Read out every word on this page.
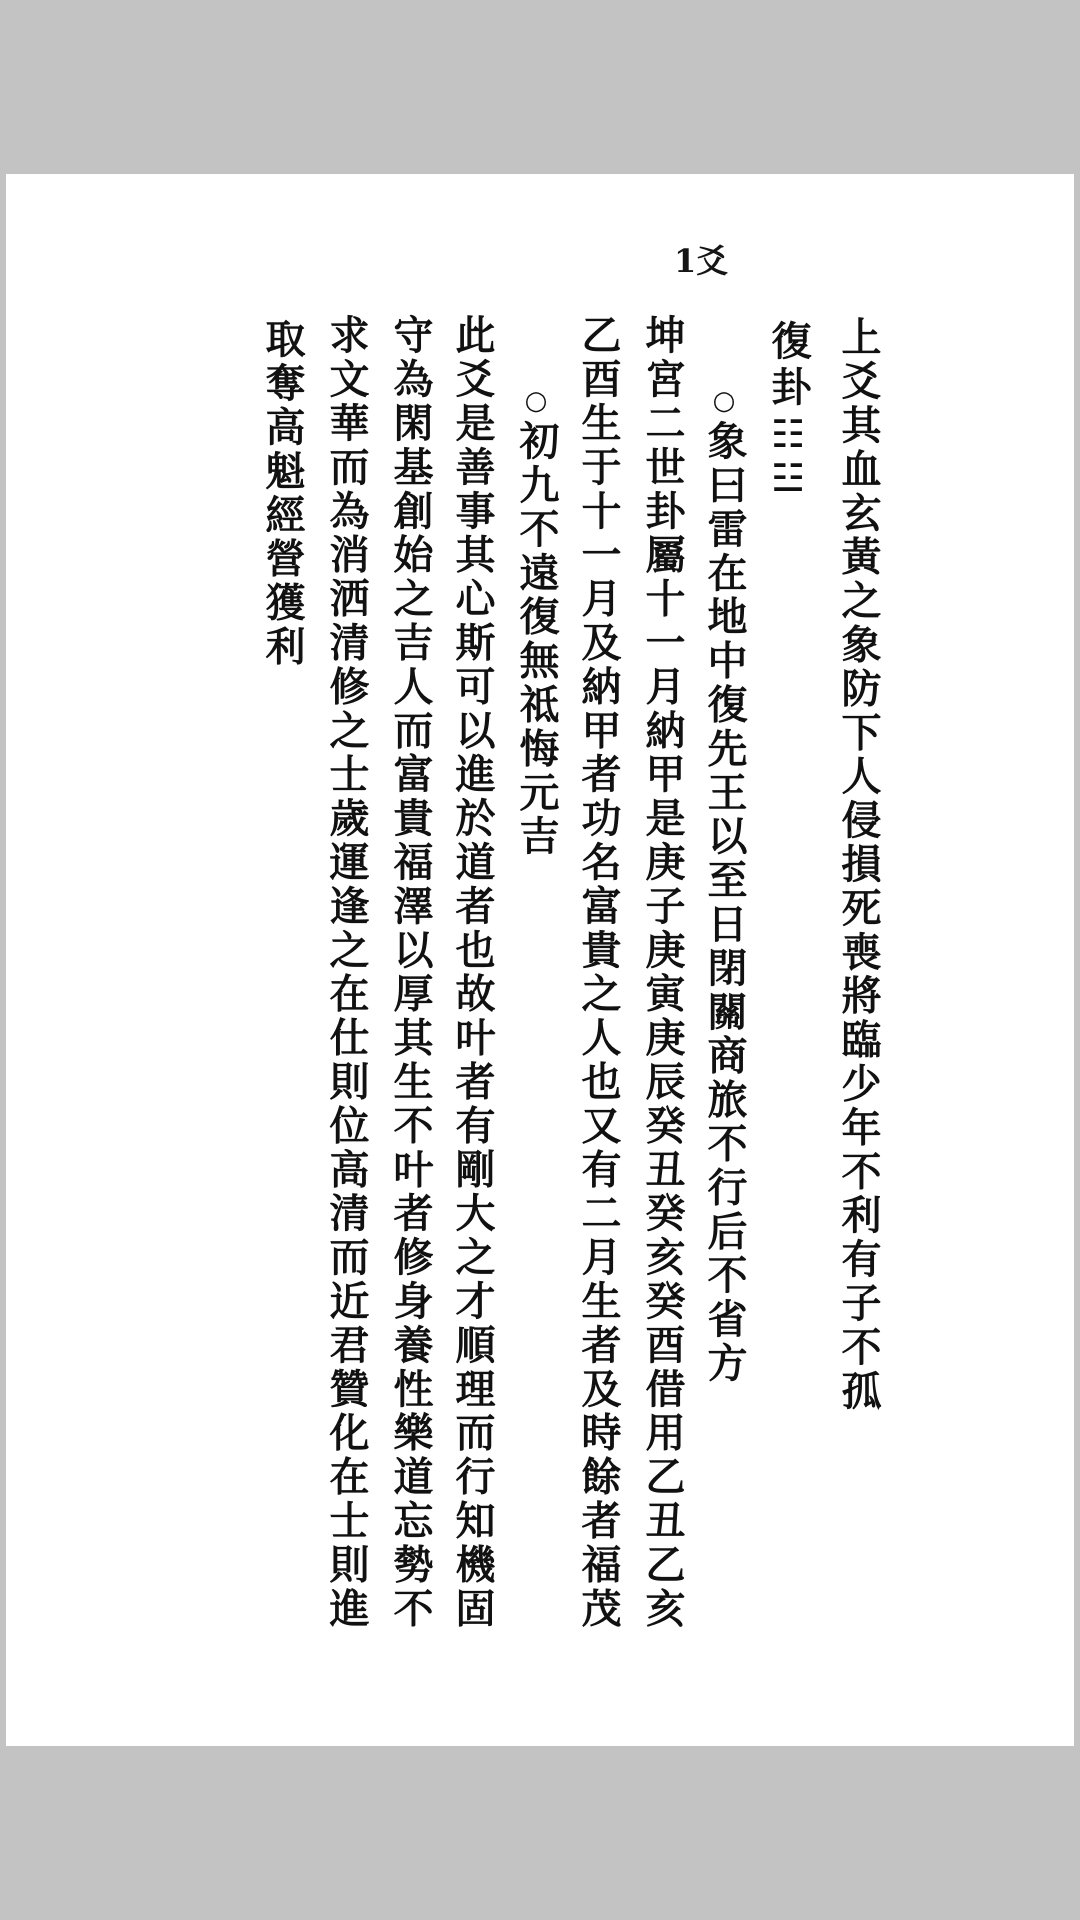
1爻
上爻其血玄黃之象防下人侵損死喪將臨少年不利有子不孤
復卦
☷☳
○象曰雷在地中復先王以至日閉關商旅不行后不省方
坤宮二世卦屬十一月納甲是庚子庚寅庚辰癸丑癸亥癸酉借用乙丑乙亥
乙酉生于十一月及納甲者功名富貴之人也又有二月生者及時餘者福茂
○初九不遠復無祗悔元吉
此爻是善事其心斯可以進於道者也故叶者有剛大之才順理而行知機固
守為閑基創始之吉人而富貴福澤以厚其生不叶者修身養性樂道忘勢不
求文華而為消洒清修之士歲運逢之在仕則位高清而近君贊化在士則進
取奪高魁經營獲利
